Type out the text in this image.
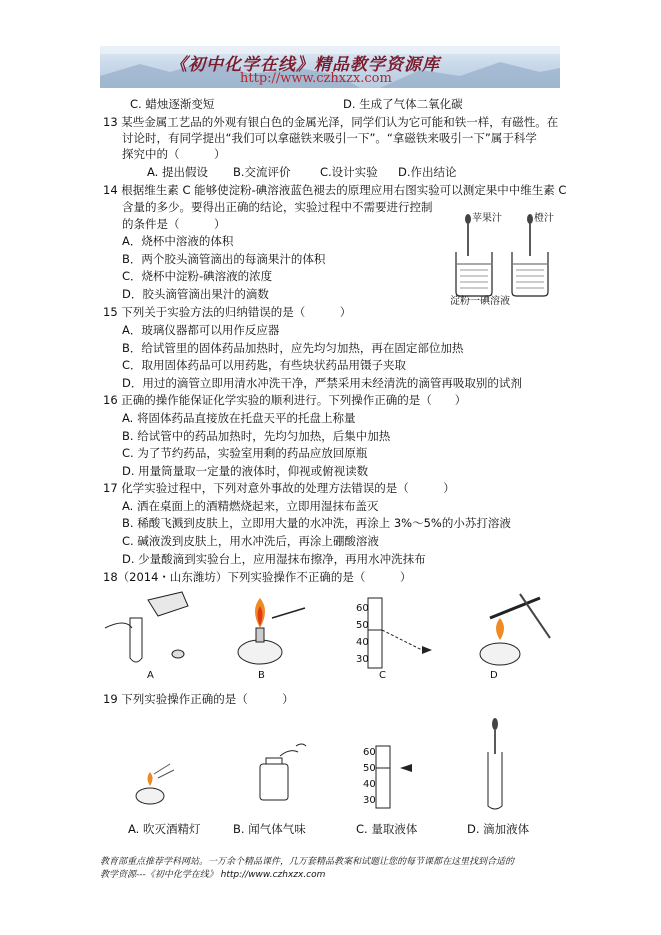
《初中化学在线》精品教学资源库
http://www.czhxzx.com
C. 蜡烛逐渐变短	D. 生成了气体二氧化碳
13 某些金属工艺品的外观有银白色的金属光泽，同学们认为它可能和铁一样，有磁性。在
讨论时，有同学提出“我们可以拿磁铁来吸引一下”。“拿磁铁来吸引一下”属于科学
探究中的（　　　）
A. 提出假设 B.交流评价	C.设计实验 D.作出结论
14 根据维生素 C 能够使淀粉-碘溶液蓝色褪去的原理应用右图实验可以测定果中中维生素 C
含量的多少。要得出正确的结论，实验过程中不需要进行控制
的条件是（　　　）
A．烧杯中溶液的体积
B．两个胶头滴管滴出的每滴果汁的体积
C．烧杯中淀粉-碘溶液的浓度
D．胶头滴管滴出果汁的滴数
苹果汁	橙汁
淀粉一碘溶液
15 下列关于实验方法的归纳错误的是（　　　）
A．玻璃仪器都可以用作反应器
B．给试管里的固体药品加热时，应先均匀加热，再在固定部位加热
C．取用固体药品可以用药匙，有些块状药品用镊子夹取
D．用过的滴管立即用清水冲洗干净，严禁采用未经清洗的滴管再吸取别的试剂
16 正确的操作能保证化学实验的顺利进行。下列操作正确的是（　　）
A. 将固体药品直接放在托盘天平的托盘上称量
B. 给试管中的药品加热时，先均匀加热，后集中加热
C. 为了节约药品，实验室用剩的药品应放回原瓶
D. 用量筒量取一定量的液体时，仰视或俯视读数
17 化学实验过程中，下列对意外事故的处理方法错误的是（　　　）
A. 洒在桌面上的酒精燃烧起来，立即用湿抹布盖灭
B. 稀酸飞溅到皮肤上，立即用大量的水冲洗，再涂上 3%～5%的小苏打溶液
C. 碱液泼到皮肤上，用水冲洗后，再涂上硼酸溶液
D. 少量酸滴到实验台上，应用湿抹布擦净，再用水冲洗抹布
18（2014・山东潍坊）下列实验操作不正确的是（　　　）
60
50
40
30
A	B	C	D
19 下列实验操作正确的是（　　　）
60
50
40
30
A. 吹灭酒精灯	B. 闻气体气味	C. 量取液体	D. 滴加液体
教育部重点推荐学科网站。一万余个精品课件，几万套精品教案和试题让您的每节课都在这里找到合适的
教学资源---《初中化学在线》 http://www.czhxzx.com
